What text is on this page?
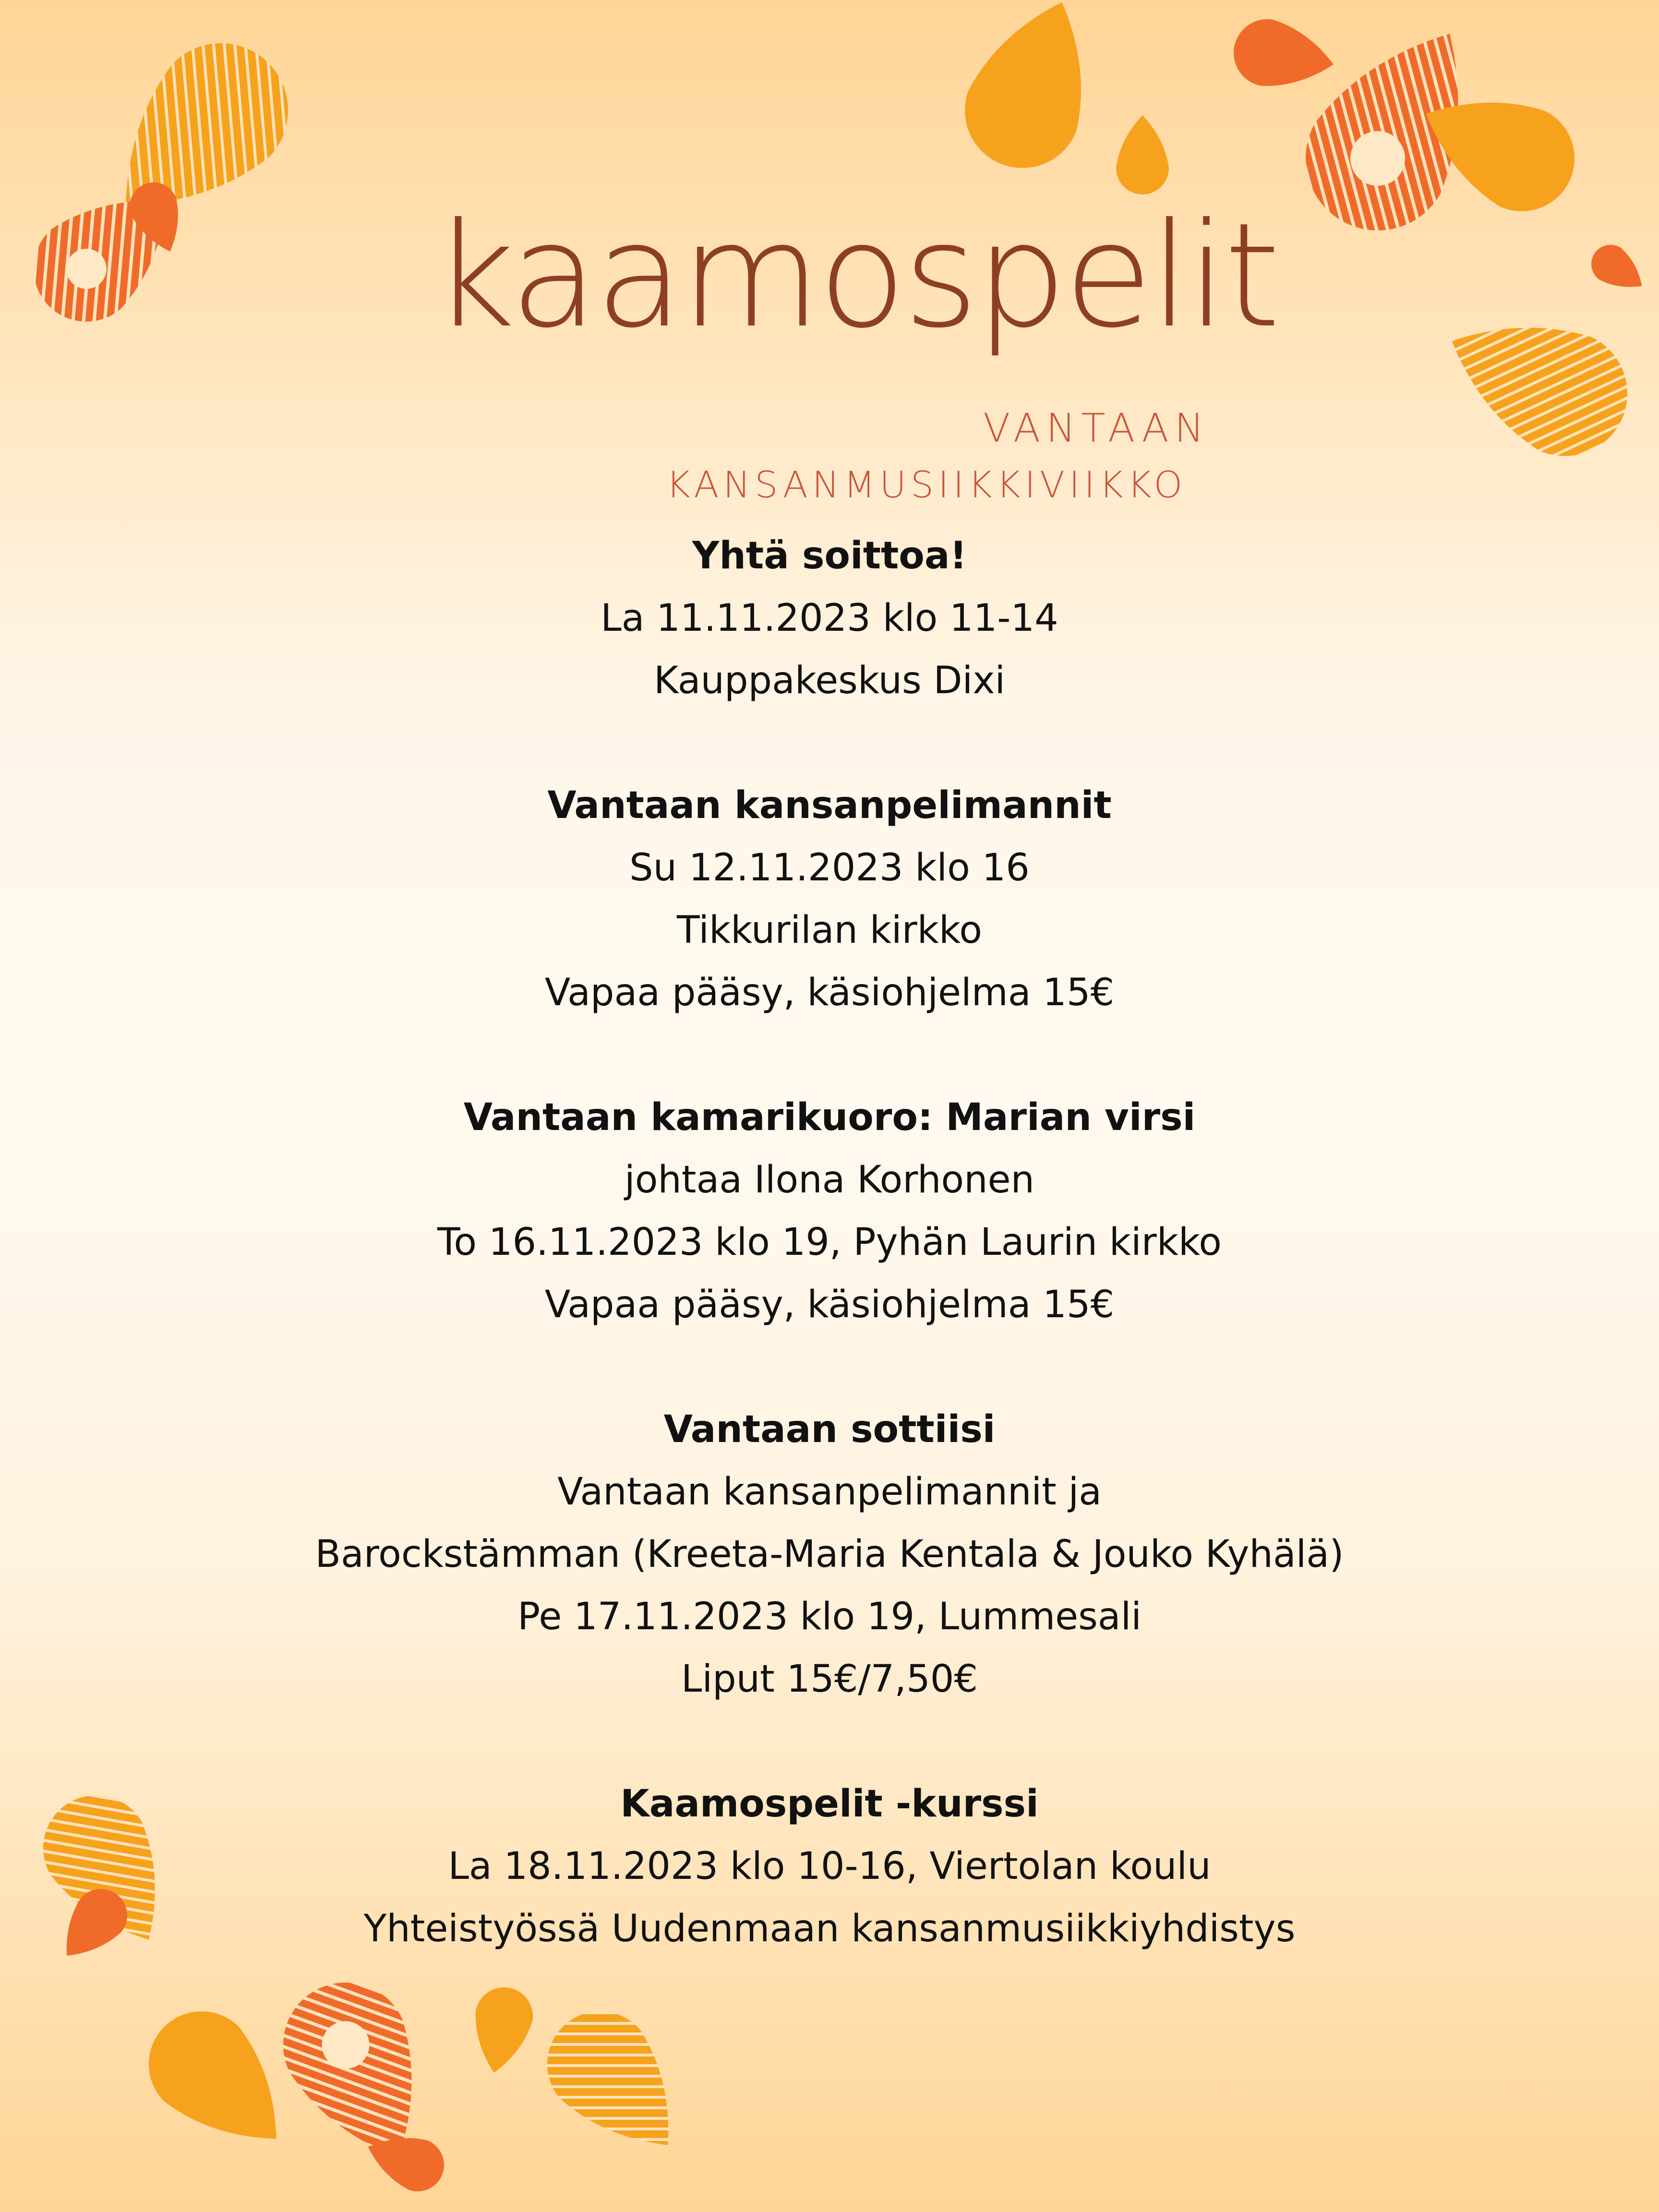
kaamospelit
VANTAAN
KANSANMUSIIKKIVIIKKO
Yhtä soittoa!
La 11.11.2023 klo 11-14
Kauppakeskus Dixi
Vantaan kansanpelimannit
Su 12.11.2023 klo 16
Tikkurilan kirkko
Vapaa pääsy, käsiohjelma 15€
Vantaan kamarikuoro: Marian virsi
johtaa Ilona Korhonen
To 16.11.2023 klo 19, Pyhän Laurin kirkko
Vapaa pääsy, käsiohjelma 15€
Vantaan sottiisi
Vantaan kansanpelimannit ja
Barockstämman (Kreeta-Maria Kentala & Jouko Kyhälä)
Pe 17.11.2023 klo 19, Lummesali
Liput 15€/7,50€
Kaamospelit -kurssi
La 18.11.2023 klo 10-16, Viertolan koulu
Yhteistyössä Uudenmaan kansanmusiikkiyhdistys
